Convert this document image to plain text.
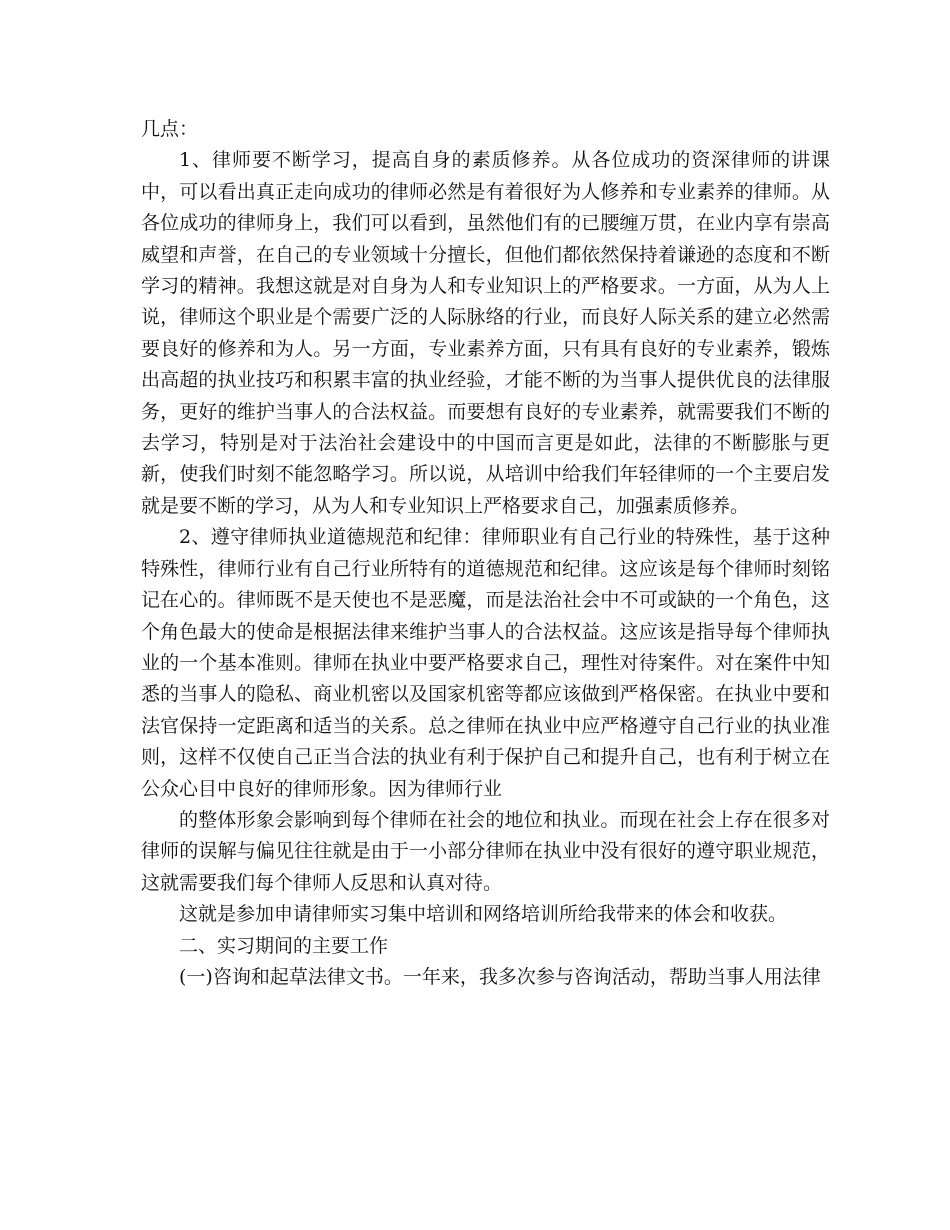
几点：

1、律师要不断学习，提高自身的素质修养。从各位成功的资深律师的讲课中，可以看出真正走向成功的律师必然是有着很好为人修养和专业素养的律师。从各位成功的律师身上，我们可以看到，虽然他们有的已腰缠万贯，在业内享有崇高威望和声誉，在自己的专业领域十分擅长，但他们都依然保持着谦逊的态度和不断学习的精神。我想这就是对自身为人和专业知识上的严格要求。一方面，从为人上说，律师这个职业是个需要广泛的人际脉络的行业，而良好人际关系的建立必然需要良好的修养和为人。另一方面，专业素养方面，只有具有良好的专业素养，锻炼出高超的执业技巧和积累丰富的执业经验，才能不断的为当事人提供优良的法律服务，更好的维护当事人的合法权益。而要想有良好的专业素养，就需要我们不断的去学习，特别是对于法治社会建设中的中国而言更是如此，法律的不断膨胀与更新，使我们时刻不能忽略学习。所以说，从培训中给我们年轻律师的一个主要启发就是要不断的学习，从为人和专业知识上严格要求自己，加强素质修养。

2、遵守律师执业道德规范和纪律：律师职业有自己行业的特殊性，基于这种特殊性，律师行业有自己行业所特有的道德规范和纪律。这应该是每个律师时刻铭记在心的。律师既不是天使也不是恶魔，而是法治社会中不可或缺的一个角色，这个角色最大的使命是根据法律来维护当事人的合法权益。这应该是指导每个律师执业的一个基本准则。律师在执业中要严格要求自己，理性对待案件。对在案件中知悉的当事人的隐私、商业机密以及国家机密等都应该做到严格保密。在执业中要和法官保持一定距离和适当的关系。总之律师在执业中应严格遵守自己行业的执业准则，这样不仅使自己正当合法的执业有利于保护自己和提升自己，也有利于树立在公众心目中良好的律师形象。因为律师行业

的整体形象会影响到每个律师在社会的地位和执业。而现在社会上存在很多对律师的误解与偏见往往就是由于一小部分律师在执业中没有很好的遵守职业规范，这就需要我们每个律师人反思和认真对待。

这就是参加申请律师实习集中培训和网络培训所给我带来的体会和收获。

二、实习期间的主要工作

(一)咨询和起草法律文书。一年来，我多次参与咨询活动，帮助当事人用法律
